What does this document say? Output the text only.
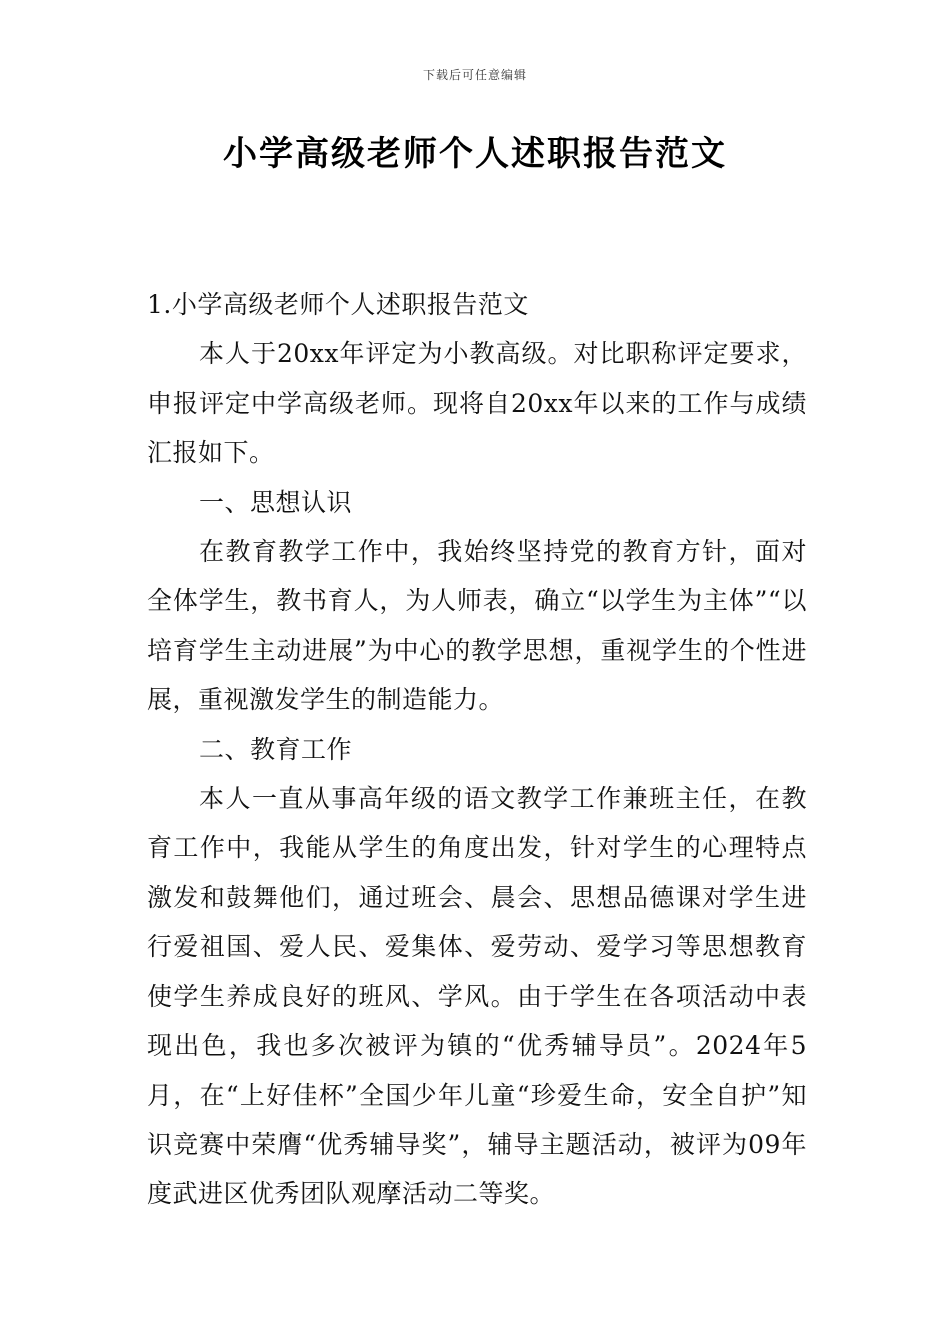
下载后可任意编辑
小学高级老师个人述职报告范文

1.小学高级老师个人述职报告范文

本人于20xx年评定为小教高级。对比职称评定要求，申报评定中学高级老师。现将自20xx年以来的工作与成绩汇报如下。

一、思想认识

在教育教学工作中，我始终坚持党的教育方针，面对全体学生，教书育人，为人师表，确立“以学生为主体”“以培育学生主动进展”为中心的教学思想，重视学生的个性进展，重视激发学生的制造能力。

二、教育工作

本人一直从事高年级的语文教学工作兼班主任，在教育工作中，我能从学生的角度出发，针对学生的心理特点激发和鼓舞他们，通过班会、晨会、思想品德课对学生进行爱祖国、爱人民、爱集体、爱劳动、爱学习等思想教育使学生养成良好的班风、学风。由于学生在各项活动中表现出色，我也多次被评为镇的“优秀辅导员”。2024年5月，在“上好佳杯”全国少年儿童“珍爱生命，安全自护”知识竞赛中荣膺“优秀辅导奖”，辅导主题活动，被评为09年度武进区优秀团队观摩活动二等奖。
